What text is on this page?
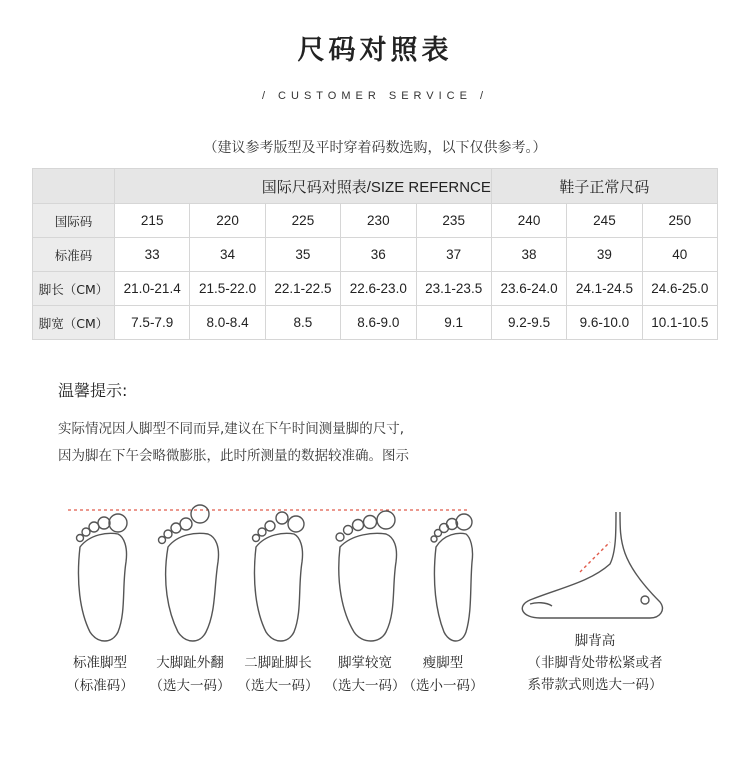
尺码对照表
/ CUSTOMER SERVICE /
（建议参考版型及平时穿着码数选购，以下仅供参考。）
	国际尺码对照表/SIZE REFERNCE					鞋子正常尺码		
国际码	215	220	225	230	235	240	245	250
标准码	33	34	35	36	37	38	39	40
脚长（CM）	21.0-21.4	21.5-22.0	22.1-22.5	22.6-23.0	23.1-23.5	23.6-24.0	24.1-24.5	24.6-25.0
脚宽（CM）	7.5-7.9	8.0-8.4	8.5	8.6-9.0	9.1	9.2-9.5	9.6-10.0	10.1-10.5
温馨提示:
实际情况因人脚型不同而异,建议在下午时间测量脚的尺寸,
因为脚在下午会略微膨胀，此时所测量的数据较准确。图示
标准脚型
（标准码）
大脚趾外翻
（选大一码）
二脚趾脚长
（选大一码）
脚掌较宽
（选大一码）
瘦脚型
（选小一码）
脚背高
（非脚背处带松紧或者
系带款式则选大一码）
